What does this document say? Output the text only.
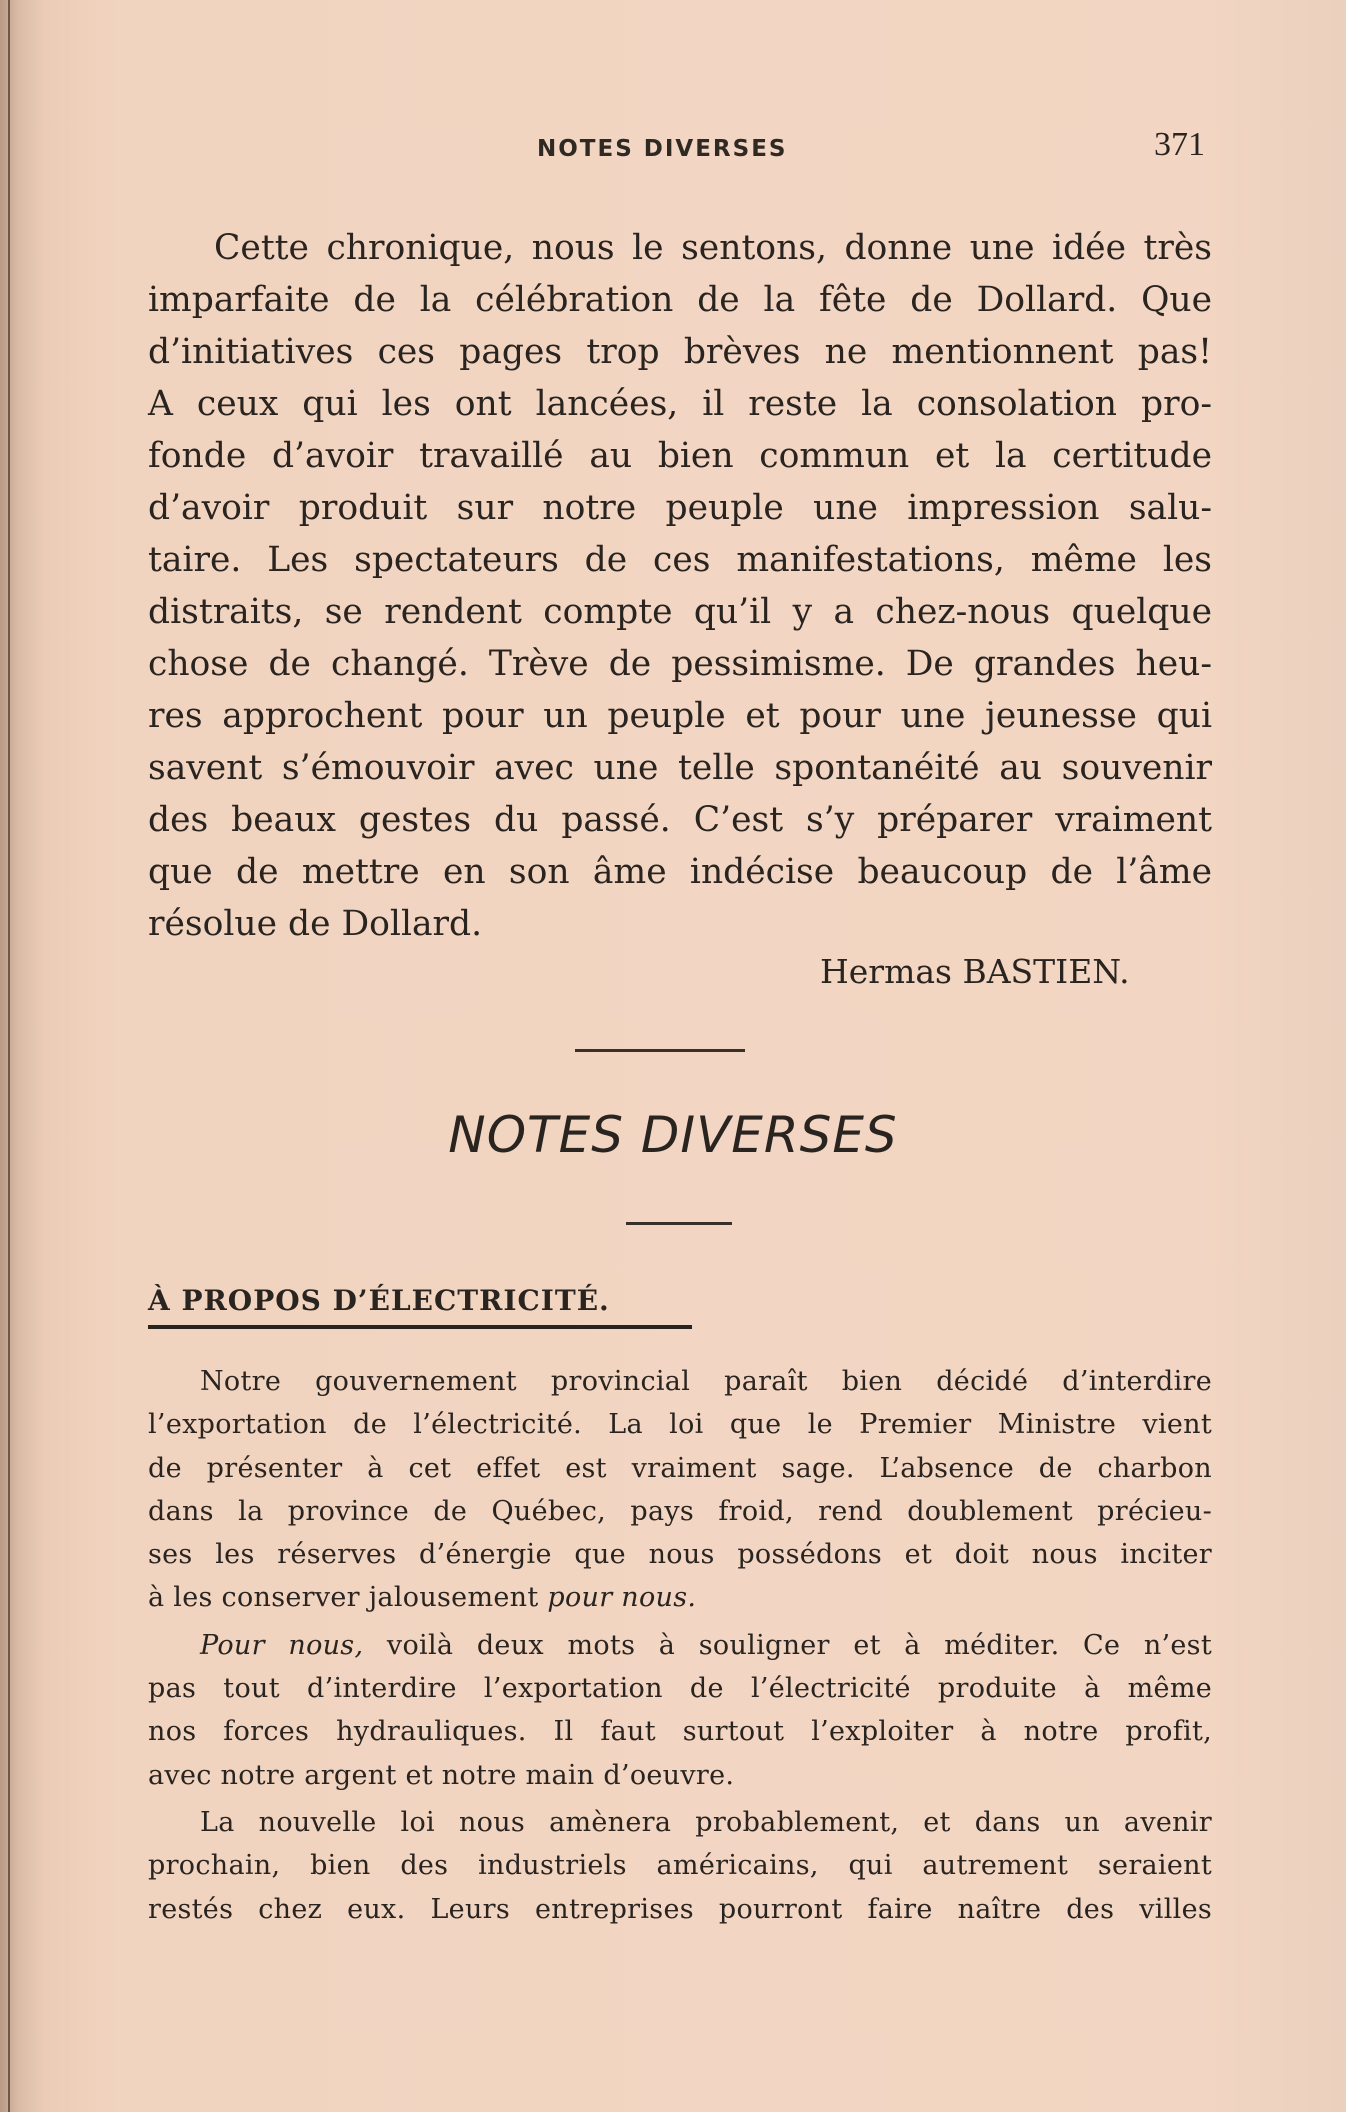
NOTES DIVERSES	371
Cette chronique, nous le sentons, donne une idée très
imparfaite de la célébration de la fête de Dollard. Que
d’initiatives ces pages trop brèves ne mentionnent pas!
A ceux qui les ont lancées, il reste la consolation pro-
fonde d’avoir travaillé au bien commun et la certitude
d’avoir produit sur notre peuple une impression salu-
taire. Les spectateurs de ces manifestations, même les
distraits, se rendent compte qu’il y a chez-nous quelque
chose de changé. Trève de pessimisme. De grandes heu-
res approchent pour un peuple et pour une jeunesse qui
savent s’émouvoir avec une telle spontanéité au souvenir
des beaux gestes du passé. C’est s’y préparer vraiment
que de mettre en son âme indécise beaucoup de l’âme
résolue de Dollard.
Hermas BASTIEN.
NOTES DIVERSES
À PROPOS D’ÉLECTRICITÉ.
Notre gouvernement provincial paraît bien décidé d’interdire
l’exportation de l’électricité. La loi que le Premier Ministre vient
de présenter à cet effet est vraiment sage. L’absence de charbon
dans la province de Québec, pays froid, rend doublement précieu-
ses les réserves d’énergie que nous possédons et doit nous inciter
à les conserver jalousement pour nous.
Pour nous, voilà deux mots à souligner et à méditer. Ce n’est
pas tout d’interdire l’exportation de l’électricité produite à même
nos forces hydrauliques. Il faut surtout l’exploiter à notre profit,
avec notre argent et notre main d’oeuvre.
La nouvelle loi nous amènera probablement, et dans un avenir
prochain, bien des industriels américains, qui autrement seraient
restés chez eux. Leurs entreprises pourront faire naître des villes
